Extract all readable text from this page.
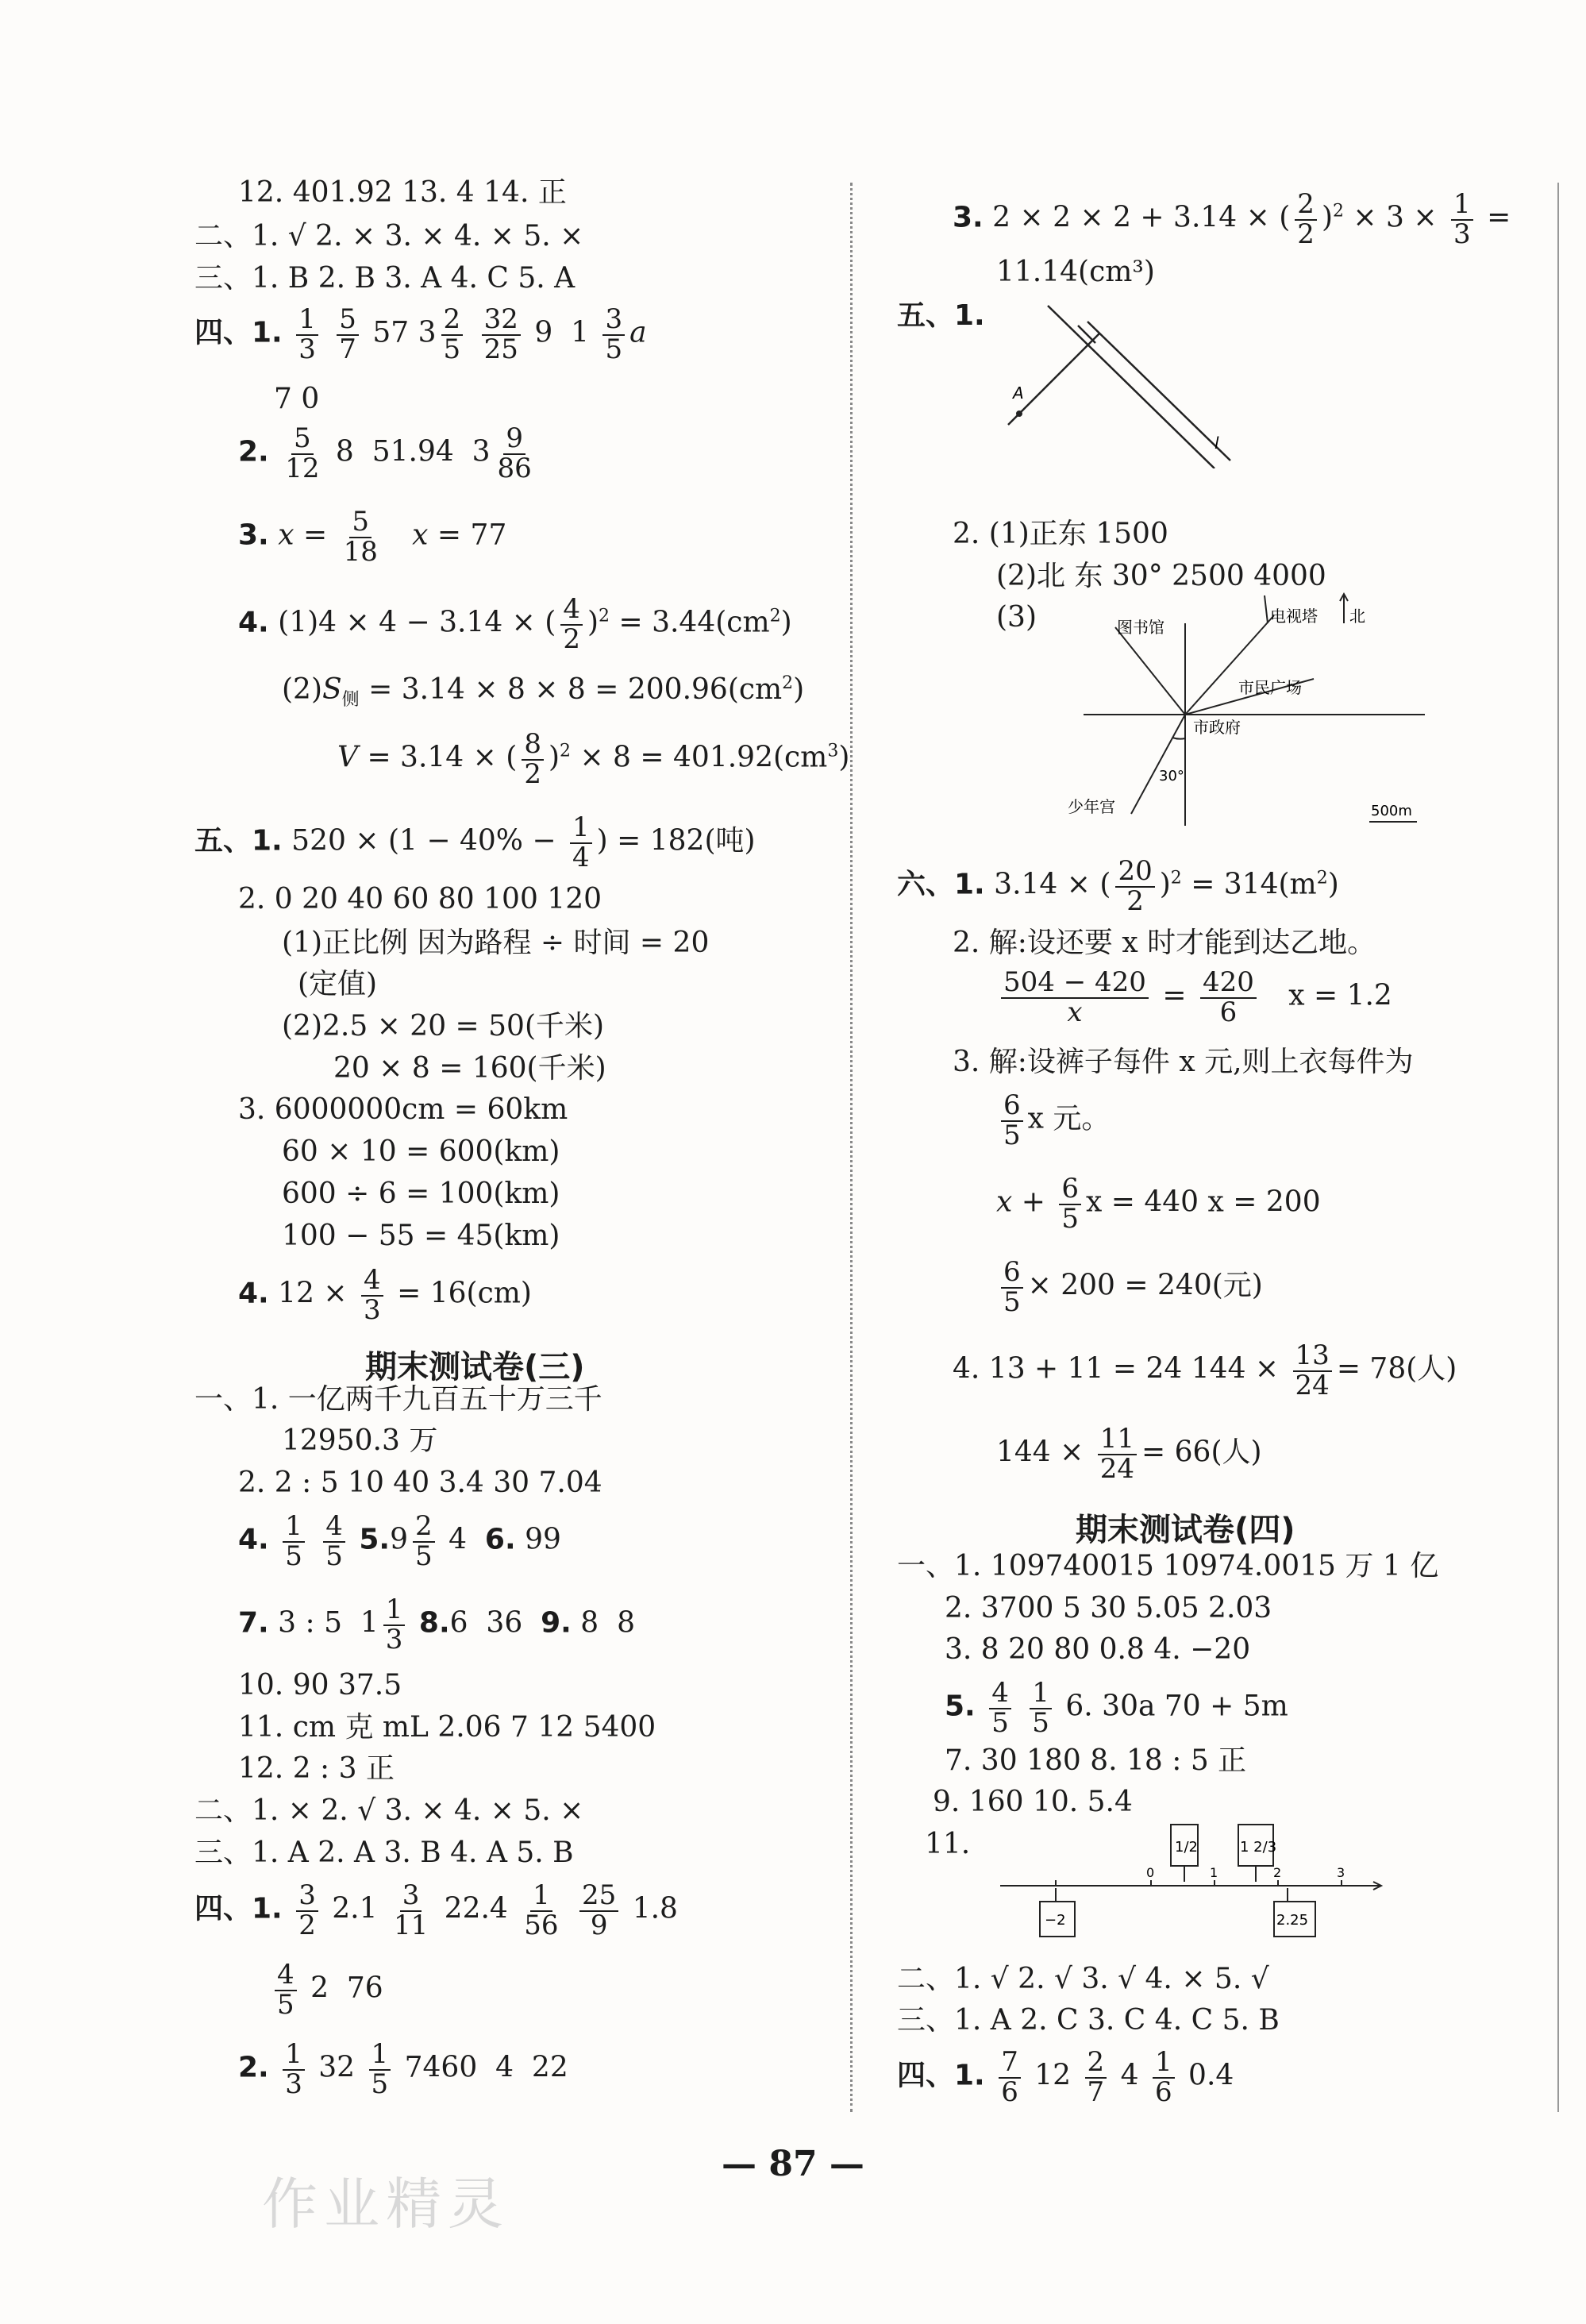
12. 401.92 13. 4 14. 正
二、1. √ 2. × 3. × 4. × 5. ×
三、1. B 2. B 3. A 4. C 5. A
四、1. $\frac{1}{3}$
$\frac{5}{7} 57$ $3 \frac{2}{5}$
$\frac{32}{25} 9$  $1 \frac{3}{5}$ a
7 0
2. $\frac{5}{12} 8$  51.94  $3 \frac{9}{86}$
3. $x = \frac{5}{18}$ x = 77
4. (1)4 × 4 − 3.14 × ( $\frac{4}{2} )^2 = 3.44(cm^2)$
$(2)S_侧 = 3.14 \times 8 \times 8 = 200.96(cm^2)$
V = 3.14 × ( $\frac{8}{2} )^2 \times 8 = 401.92(cm^3)$
五、1. $520 \times (1 - 40\% - \frac{1}{4}$ ) = 182(吨)
2. 0 20 40 60 80 100 120
(1)正比例 因为路程 ÷ 时间 = 20
(定值)
(2)2.5 × 20 = 50(千米)
20 × 8 = 160(千米)
3. 6000000cm = 60km
60 × 10 = 600(km)
600 ÷ 6 = 100(km)
100 − 55 = 45(km)
4. $12 \times \frac{4}{3} = 16(cm)$
期末测试卷(三)
一、1. 一亿两千九百五十万三千
12950.3 万
2. 2 : 5 10 40 3.4 30 7.04
4. $\frac{1}{5}$
$\frac{4}{5} 5.9 \frac{2}{5} 4$  6. 99
7. 3 : 5  $1 \frac{1}{3} 8.6$  36  9. 8  8
10. 90 37.5
11. cm 克 mL 2.06 7 12 5400
12. 2 : 3 正
二、1. × 2. √ 3. × 4. × 5. ×
三、1. A 2. A 3. B 4. A 5. B
四、1. $\frac{3}{2} 2.1 \frac{3}{11} 22.4 \frac{1}{56}$
$\frac{25}{9} 1.8$
$\frac{4}{5} 2$  76
2. $\frac{1}{3} 32 \frac{1}{5} 7460$  4  22
3. 2 × 2 × 2 + 3.14 × ( $\frac{2}{2} )^2 \times 3 \times \frac{1}{3}$ =
11.14(cm³)
五、1.
A
l
2. (1)正东 1500
(2)北 东 30° 2500 4000
(3)	图书馆
电视塔 北
市民广场
市政府
少年宫
30°
500m
六、1. 3.14 × ( $\frac{20}{2} )^2 = 314(m^2)$
2. 解:设还要 x 时才能到达乙地。
$\frac{504 - 420}{x} = \frac{420}{6}$ x = 1.2
3. 解:设裤子每件 x 元,则上衣每件为
$\frac{6}{5}$ x 元。
$x + \frac{6}{5}$ x = 440 x = 200
$\frac{6}{5} \times 200 = 240$(元)
4. 13 + 11 = 24 $144 \times \frac{13}{24} = 78$(人)
$144 \times \frac{11}{24} = 66$(人)
期末测试卷(四)
一、1. 109740015 10974.0015 万 1 亿
2. 3700 5 30 5.05 2.03
3. 8 20 80 0.8 4. −20
5. $\frac{4}{5}$
$\frac{1}{5} 6$. 30a 70 + 5m
7. 30 180 8. 18 : 5 正
9. 160 10. 5.4
11.	1/2	1 2/3
−2
0	1	2	3
2.25
二、1. √ 2. √ 3. √ 4. × 5. √
三、1. A 2. C 3. C 4. C 5. B
四、1. $\frac{7}{6} 12 \frac{2}{7} 4 \frac{1}{6} 0.4$
— 87 —
作业精灵
